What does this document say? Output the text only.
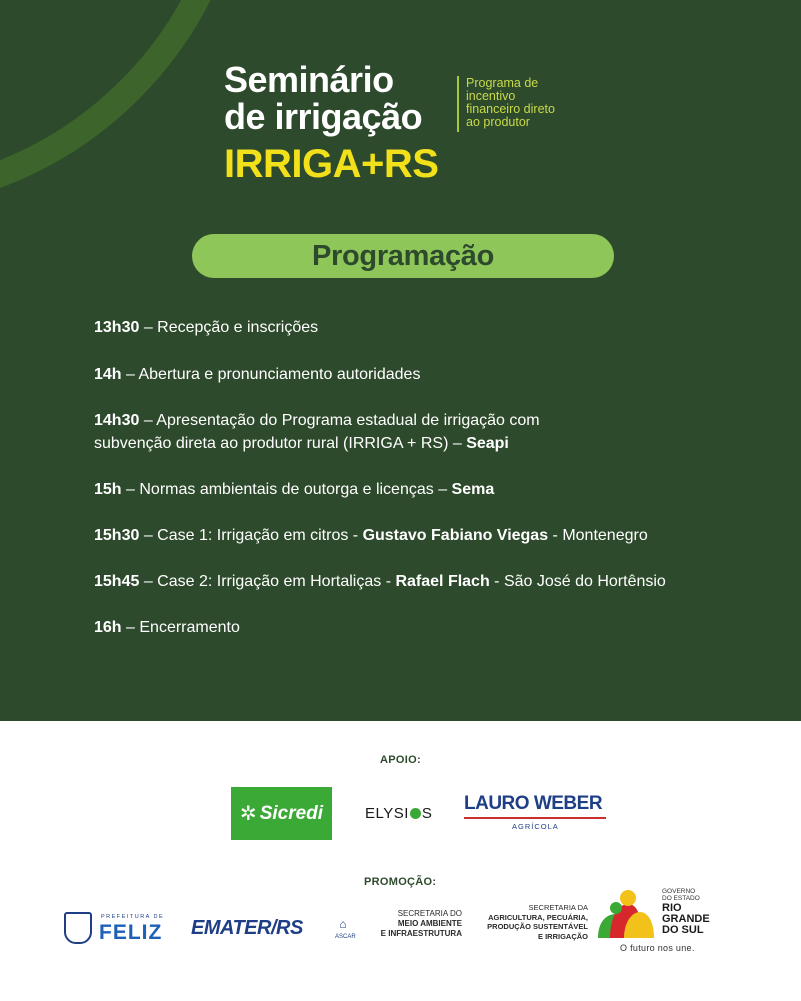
Seminário
de irrigação
IRRIGA+RS
Programa de
incentivo
financeiro direto
ao produtor
Programação
13h30 – Recepção e inscrições
14h – Abertura e pronunciamento autoridades
14h30 – Apresentação do Programa estadual de irrigação com
subvenção direta ao produtor rural (IRRIGA + RS) – Seapi
15h – Normas ambientais de outorga e licenças – Sema
15h30 – Case 1: Irrigação em citros - Gustavo Fabiano Viegas - Montenegro
15h45 – Case 2: Irrigação em Hortaliças - Rafael Flach - São José do Hortênsio
16h – Encerramento
APOIO:
✲ Sicredi	ELYSI S LAURO WEBER
AGRÍCOLA
PROMOÇÃO:
PREFEITURA DE
FELIZ EMATER/RS	⌂
ASCAR
SECRETARIA DO
MEIO AMBIENTE
E INFRAESTRUTURA
SECRETARIA DA
AGRICULTURA, PECUÁRIA,
PRODUÇÃO SUSTENTÁVEL
E IRRIGAÇÃO
GOVERNO
DO ESTADO
RIO
GRANDE
DO SUL
O futuro nos une.
